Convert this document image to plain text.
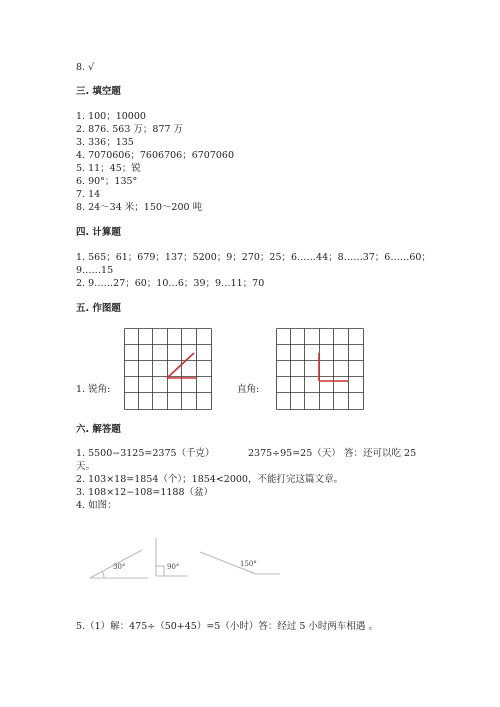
8. √
三. 填空题
1. 100；10000
2. 876. 563 万；877 万
3. 336；135
4. 7070606；7606706；6707060
5. 11；45；锐
6. 90°；135°
7. 14
8. 24～34 米；150～200 吨
四. 计算题
1. 565；61；679；137；5200；9；270；25；6……44；8……37；6……60；
9……15
2. 9……27；60；10…6；39；9…11；70
五. 作图题
1. 锐角:	直角:
六. 解答题
1. 5500−3125=2375（千克）	2375÷95=25（天） 答：还可以吃 25
天。
2. 103×18=1854（个）；1854<2000，不能打完这篇文章。
3. 108×12−108=1188（盆）
4. 如图：
30°	90°	150°
5.（1）解：475÷（50+45）=5（小时）答：经过 5 小时两车相遇 。
